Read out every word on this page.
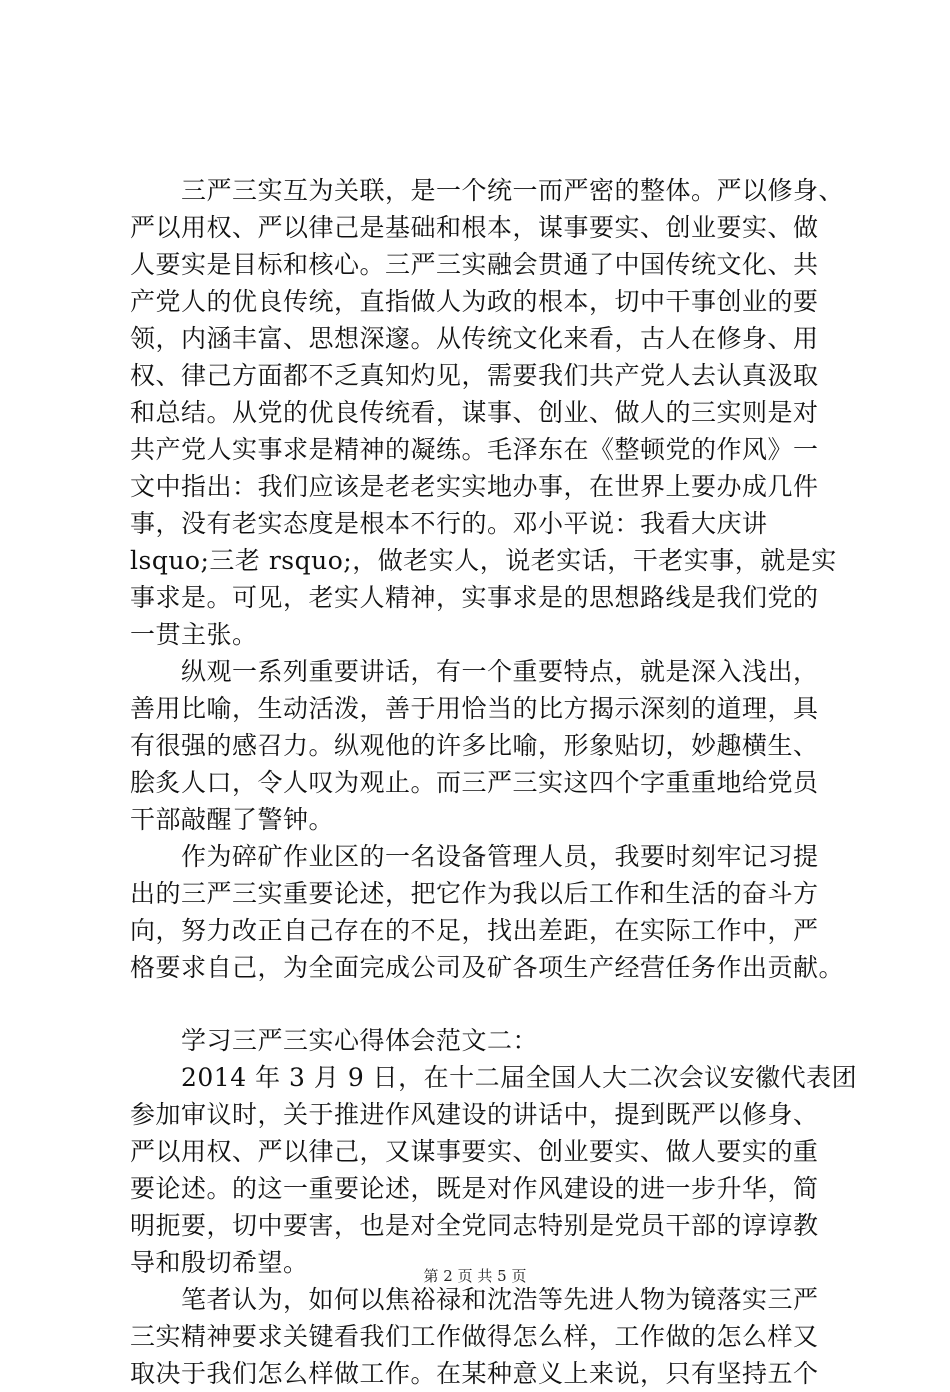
　　三严三实互为关联，是一个统一而严密的整体。严以修身、
严以用权、严以律己是基础和根本，谋事要实、创业要实、做
人要实是目标和核心。三严三实融会贯通了中国传统文化、共
产党人的优良传统，直指做人为政的根本，切中干事创业的要
领，内涵丰富、思想深邃。从传统文化来看，古人在修身、用
权、律己方面都不乏真知灼见，需要我们共产党人去认真汲取
和总结。从党的优良传统看，谋事、创业、做人的三实则是对
共产党人实事求是精神的凝练。毛泽东在《整顿党的作风》一
文中指出：我们应该是老老实实地办事，在世界上要办成几件
事，没有老实态度是根本不行的。邓小平说：我看大庆讲
lsquo;三老 rsquo;，做老实人，说老实话，干老实事，就是实
事求是。可见，老实人精神，实事求是的思想路线是我们党的
一贯主张。
　　纵观一系列重要讲话，有一个重要特点，就是深入浅出，
善用比喻，生动活泼，善于用恰当的比方揭示深刻的道理，具
有很强的感召力。纵观他的许多比喻，形象贴切，妙趣横生、
脍炙人口，令人叹为观止。而三严三实这四个字重重地给党员
干部敲醒了警钟。
　　作为碎矿作业区的一名设备管理人员，我要时刻牢记习提
出的三严三实重要论述，把它作为我以后工作和生活的奋斗方
向，努力改正自己存在的不足，找出差距，在实际工作中，严
格要求自己，为全面完成公司及矿各项生产经营任务作出贡献。
　　学习三严三实心得体会范文二：
　　2014 年 3 月 9 日，在十二届全国人大二次会议安徽代表团
参加审议时，关于推进作风建设的讲话中，提到既严以修身、
严以用权、严以律己，又谋事要实、创业要实、做人要实的重
要论述。的这一重要论述，既是对作风建设的进一步升华，简
明扼要，切中要害，也是对全党同志特别是党员干部的谆谆教
导和殷切希望。
　　笔者认为，如何以焦裕禄和沈浩等先进人物为镜落实三严
三实精神要求关键看我们工作做得怎么样，工作做的怎么样又
取决于我们怎么样做工作。在某种意义上来说，只有坚持五个
第 2 页 共 5 页
